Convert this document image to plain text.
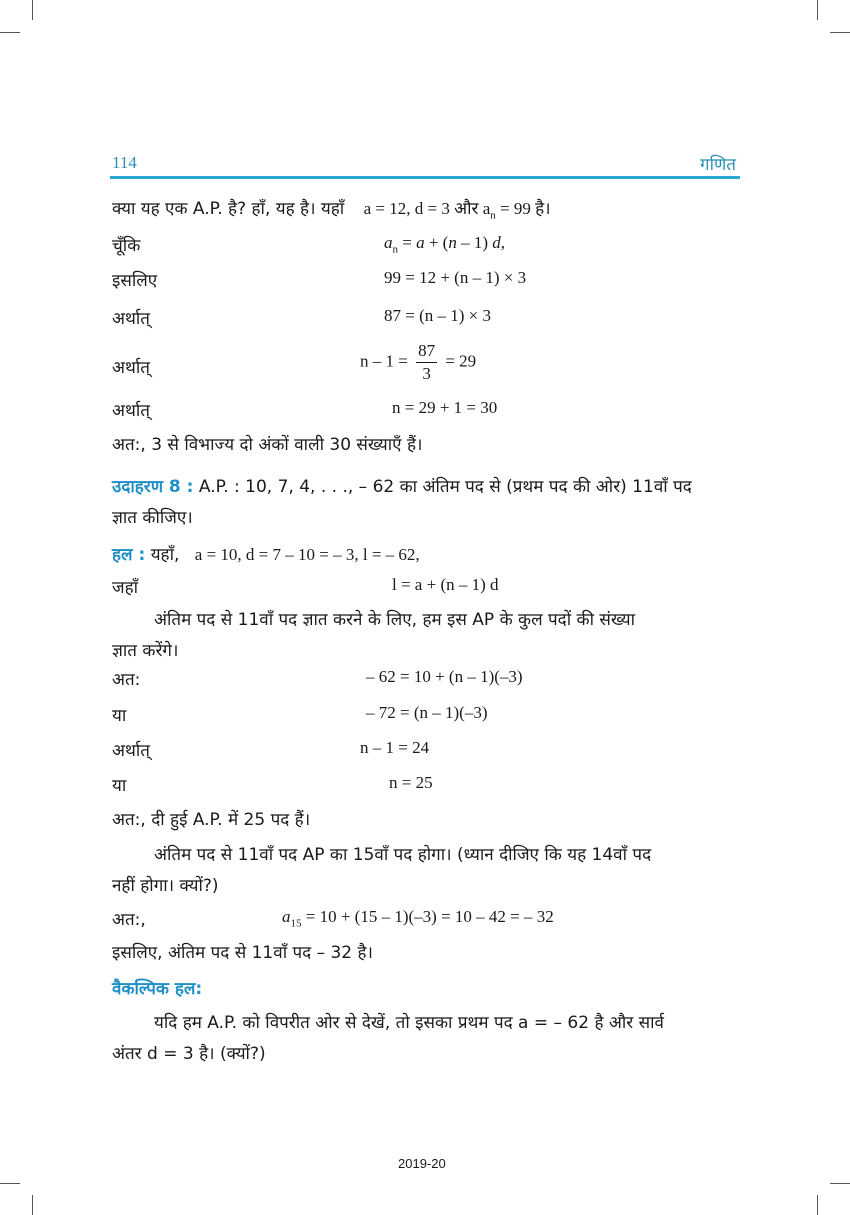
114	गणित
क्या यह एक A.P. है? हाँ, यह है। यहाँ a = 12, d = 3 और $a_n = 99$ है।
चूँकि	$a_n = a + (n - 1)$ d,
इसलिए	99 = 12 + (n – 1) × 3
अर्थात्	87 = (n – 1) × 3
अर्थात्	$n - 1 = \frac{87}{3} = 29$
अर्थात्	n = 29 + 1 = 30
अत:, 3 से विभाज्य दो अंकों वाली 30 संख्याएँ हैं।
उदाहरण 8 : A.P. : 10, 7, 4, . . ., – 62 का अंतिम पद से (प्रथम पद की ओर) 11वाँ पद
ज्ञात कीजिए।
हल : यहाँ, a = 10, d = 7 – 10 = – 3, l = – 62,
जहाँ	l = a + (n – 1) d
अंतिम पद से 11वाँ पद ज्ञात करने के लिए, हम इस AP के कुल पदों की संख्या
ज्ञात करेंगे।
अत:	– 62 = 10 + (n – 1)(–3)
या	– 72 = (n – 1)(–3)
अर्थात्	n – 1 = 24
या	n = 25
अत:, दी हुई A.P. में 25 पद हैं।
अंतिम पद से 11वाँ पद AP का 15वाँ पद होगा। (ध्यान दीजिए कि यह 14वाँ पद
नहीं होगा। क्यों?)
अत:,	$a_{15} = 10 + (15 - 1)(-3) = 10 - 42$ = – 32
इसलिए, अंतिम पद से 11वाँ पद – 32 है।
वैकल्पिक हल:
यदि हम A.P. को विपरीत ओर से देखें, तो इसका प्रथम पद a = – 62 है और सार्व
अंतर d = 3 है। (क्यों?)
2019-20
